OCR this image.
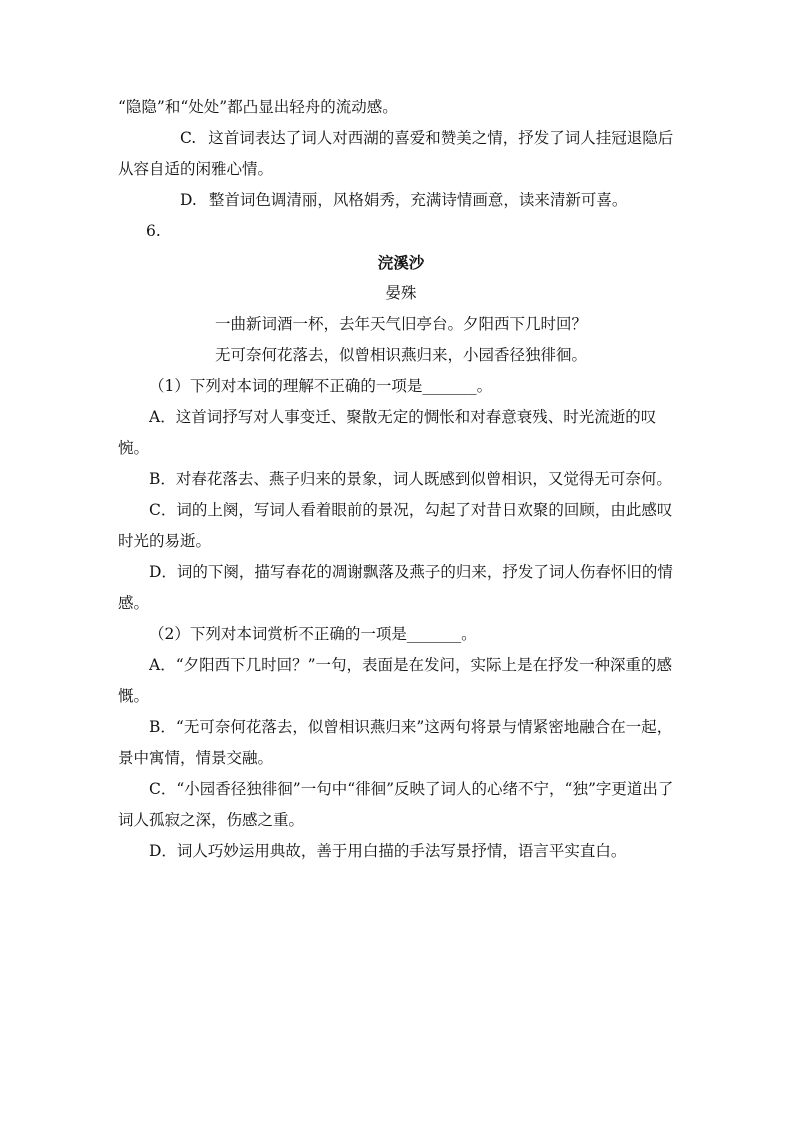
“隐隐”和“处处”都凸显出轻舟的流动感。

C. 这首词表达了词人对西湖的喜爱和赞美之情，抒发了词人挂冠退隐后从容自适的闲雅心情。

D. 整首词色调清丽，风格娟秀，充满诗情画意，读来清新可喜。

6.

浣溪沙

晏殊

一曲新词酒一杯，去年天气旧亭台。夕阳西下几时回？

无可奈何花落去，似曾相识燕归来，小园香径独徘徊。

（1）下列对本词的理解不正确的一项是_______。

A．这首词抒写对人事变迁、聚散无定的惆怅和对春意衰残、时光流逝的叹惋。

B．对春花落去、燕子归来的景象，词人既感到似曾相识，又觉得无可奈何。

C．词的上阕，写词人看着眼前的景况，勾起了对昔日欢聚的回顾，由此感叹时光的易逝。

D．词的下阕，描写春花的凋谢飘落及燕子的归来，抒发了词人伤春怀旧的情感。

（2）下列对本词赏析不正确的一项是_______。

A．“夕阳西下几时回？”一句，表面是在发问，实际上是在抒发一种深重的感慨。

B．“无可奈何花落去，似曾相识燕归来”这两句将景与情紧密地融合在一起，景中寓情，情景交融。

C．“小园香径独徘徊”一句中“徘徊”反映了词人的心绪不宁，“独”字更道出了词人孤寂之深，伤感之重。

D．词人巧妙运用典故，善于用白描的手法写景抒情，语言平实直白。
